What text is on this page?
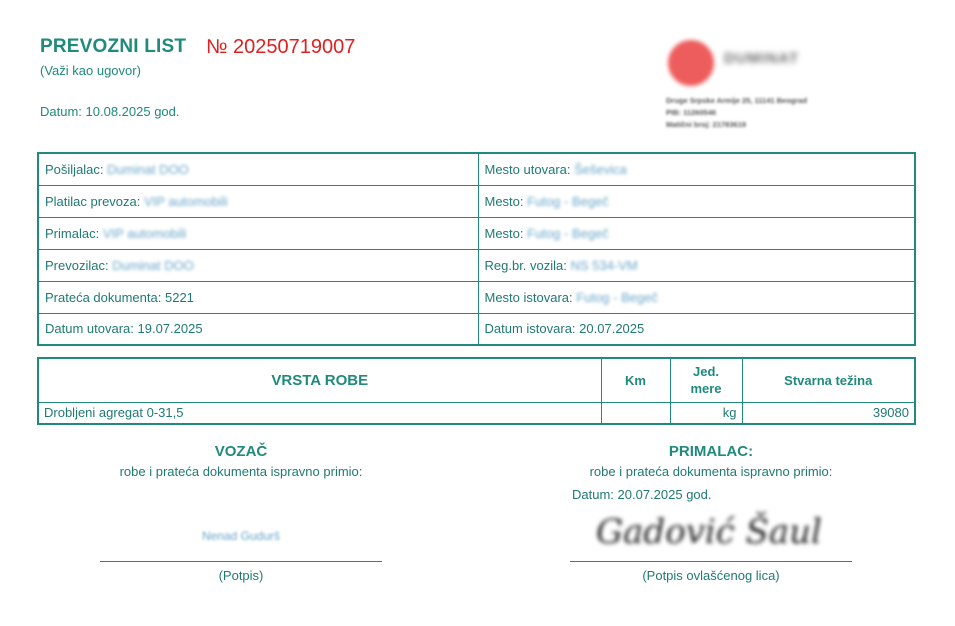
PREVOZNI LIST № 20250719007
(Važi kao ugovor)
Datum: 10.08.2025 god.
DUMINAT
Druge Srpske Armije 25, 11141 Beograd
PIB: 11260546
Matični broj: 21783619
Pošiljalac: Duminat DOO	Mesto utovara: Šeševica
Platilac prevoza: VIP automobili	Mesto: Futog - Begeč
Primalac: VIP automobili	Mesto: Futog - Begeč
Prevozilac: Duminat DOO	Reg.br. vozila: NS 534-VM
Prateća dokumenta: 5221	Mesto istovara: Futog - Begeč
Datum utovara: 19.07.2025	Datum istovara: 20.07.2025
VRSTA ROBE	Km	Jed. mere	Stvarna težina
Drobljeni agregat 0-31,5		kg	39080
VOZAČ
robe i prateća dokumenta ispravno primio:
Nenad Gudurš
(Potpis)
PRIMALAC:
robe i prateća dokumenta ispravno primio:
Datum: 20.07.2025 god.
Gadović Šaul
(Potpis ovlašćenog lica)
